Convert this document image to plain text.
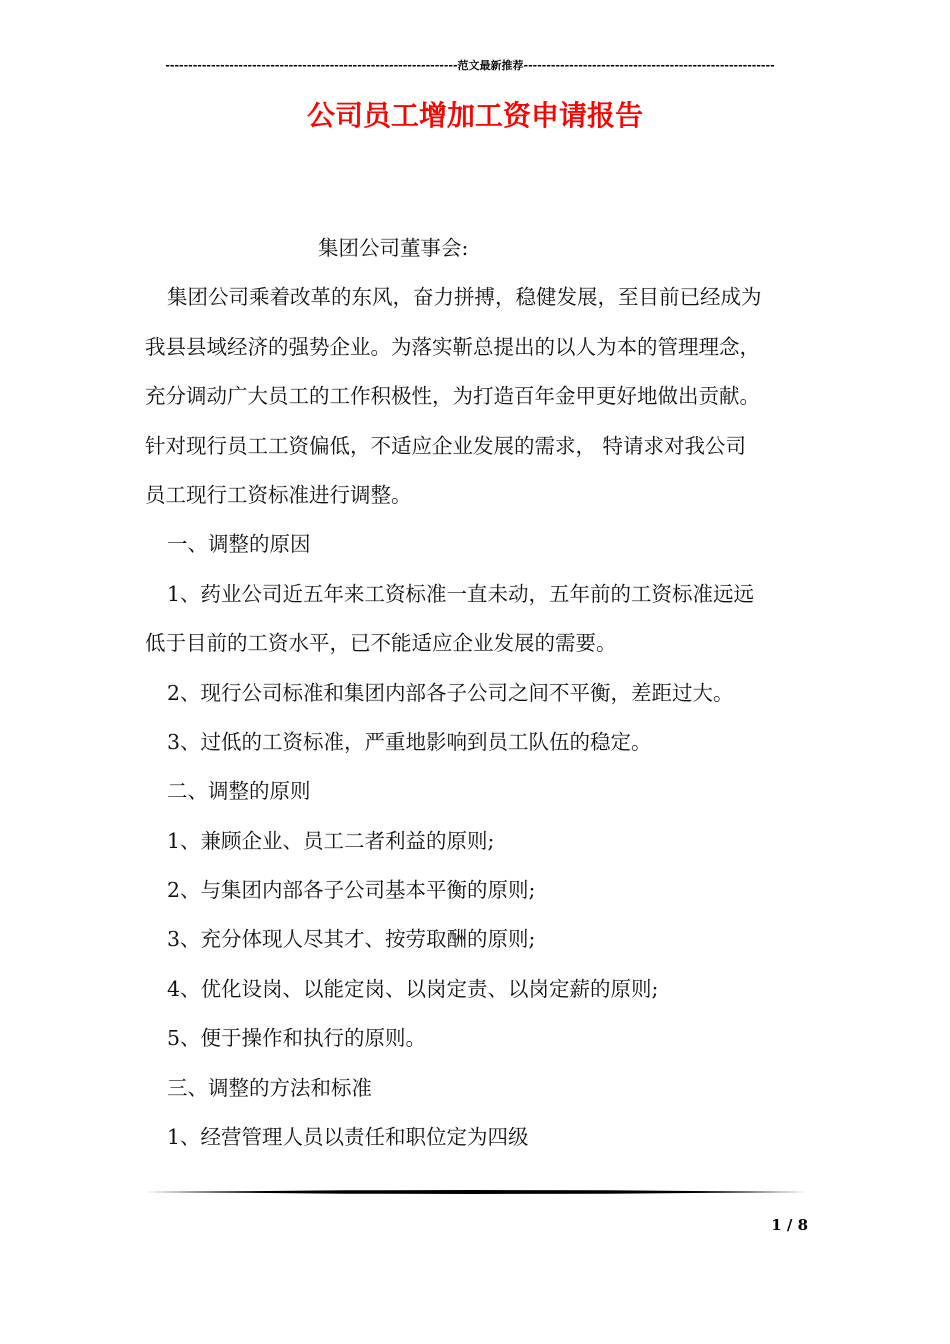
----------------------------------------------------------------范文最新推荐-------------------------------------------------------
公司员工增加工资申请报告
集团公司董事会:
集团公司乘着改革的东风，奋力拼搏，稳健发展，至目前已经成为
我县县域经济的强势企业。为落实靳总提出的以人为本的管理理念，
充分调动广大员工的工作积极性，为打造百年金甲更好地做出贡献。
针对现行员工工资偏低，不适应企业发展的需求， 特请求对我公司
员工现行工资标准进行调整。
一、调整的原因
1、药业公司近五年来工资标准一直未动，五年前的工资标准远远
低于目前的工资水平，已不能适应企业发展的需要。
2、现行公司标准和集团内部各子公司之间不平衡，差距过大。
3、过低的工资标准，严重地影响到员工队伍的稳定。
二、调整的原则
1、兼顾企业、员工二者利益的原则;
2、与集团内部各子公司基本平衡的原则;
3、充分体现人尽其才、按劳取酬的原则;
4、优化设岗、以能定岗、以岗定责、以岗定薪的原则;
5、便于操作和执行的原则。
三、调整的方法和标准
1、经营管理人员以责任和职位定为四级
1 / 8
